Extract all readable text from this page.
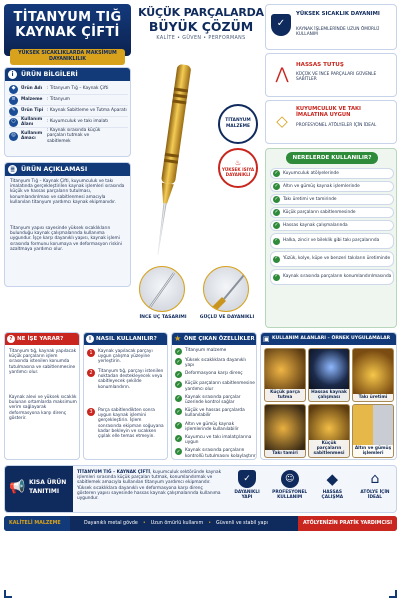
TİTANYUM TIĞ
KAYNAK ÇİFTİ
YÜKSEK SICAKLIKLARDA MAKSİMUM DAYANIKLILIK
KÜÇÜK PARÇALARDA
BÜYÜK ÇÖZÜM
KALİTE • GÜVEN • PERFORMANS
i	ÜRÜN BİLGİLERİ
◆	Ürün Adı	: Titanyum Tığ – Kaynak Çifti
≡	Malzeme	: Titanyum
✎	Ürün Tipi : Kaynak Sabitleme ve Tutma Aparatı
○	Kullanım Alanı
: Kuyumculuk ve takı imalatı
◎	Kullanım Amacı
: Kaynak sırasında küçük parçaları tutmak ve sabitlemek
≣ ÜRÜN AÇIKLAMASI
Titanyum Tığ – Kaynak Çifti, kuyumculuk ve takı imalatında gerçekleştirilen kaynak işlemleri sırasında küçük ve hassas parçaların tutulması, konumlandırılması ve sabitlenmesi amacıyla kullanılan titanyum yardımcı kaynak ekipmanıdır.
Titanyum yapısı sayesinde yüksek sıcaklıkların bulunduğu kaynak çalışmalarında kullanıma uygundur. İşçe karşı dayanıklı yapısı, kaynak işlemi sırasında formunu korumaya ve deformasyon riskini azaltmaya yardımcı olur.
TİTANYUM
MALZEME
♨
YÜKSEK ISIYA
DAYANIKLI
İNCE UÇ TASARIMI	GÜÇLÜ VE DAYANIKLI
✓
YÜKSEK SICAKLIK DAYANIMI
KAYNAK İŞLEMLERİNDE UZUN ÖMÜRLÜ KULLANIM
⋀	HASSAS TUTUŞ
KÜÇÜK VE İNCE PARÇALARI GÜVENLE SABİTLER
◇
KUYUMCULUK VE TAKI İMALATINA UYGUN
PROFESYONEL ATÖLYELER İÇİN İDEAL
NERELERDE KULLANILIR?
✓	Kuyumculuk atölyelerinde
✓	Altın ve gümüş kaynak işlemlerinde
✓	Takı üretimi ve tamirinde
✓	Küçük parçaların sabitlenmesinde
✓	Hassas kaynak çalışmalarında
✓	Halka, zincir ve bileklik gibi takı parçalarında
✓	Yüzük, kolye, küpe ve benzeri takıların üretiminde
✓	Kaynak sırasında parçaların konumlandırılmasında
? NE İŞE YARAR?
Titanyum tığ, kaynak yapılacak küçük parçaların işlem sırasında istenilen konumda tutulmasına ve sabitlenmesine yardımcı olur.
Kaynak alevi ve yüksek sıcaklık bulunan ortamlarda maksimum verim sağlayarak deformasyona karşı direnç gösterir.
i NASIL KULLANILIR?
1	Kaynak yapılacak parçayı uygun çalışma yüzeyine yerleştirin.
2	Titanyum tığ, parçayı istenilen noktadan destekleyecek veya sabitleyecek şekilde konumlandırın.
3	Parça sabitlendikten sonra uygun kaynak işlemini gerçekleştirin. İşlem sonrasında ekipman soğuyana kadar bekleyin ve sıcakken çıplak elle temas etmeyin.
★ ÖNE ÇIKAN ÖZELLİKLER
✓	Titanyum malzeme
✓	Yüksek sıcaklıklara dayanıklı yapı
✓	Deformasyona karşı direnç
✓	Küçük parçaların sabitlenmesine yardımcı olur
✓	Kaynak sırasında parçalar üzerinde kontrol sağlar
✓	Küçük ve hassas parçalarda kullanılabilir
✓	Altın ve gümüş kaynak işlemlerinde kullanılabilir
✓	Kuyumcu ve takı imalatçılarına uygun
✓	Kaynak sırasında parçaların kontrollü tutulmasını kolaylaştırır
▣ KULLANIM ALANLARI – ÖRNEK UYGULAMALAR
Küçük parça tutma
Hassas kaynak çalışması	Takı üretimi
Takı tamiri
Küçük parçaların sabitlenmesi
Altın ve gümüş işlemleri
📢 KISA ÜRÜN
TANITIMI
TİTANYUM TIĞ – KAYNAK ÇİFTİ, kuyumculuk sektöründe kaynak işlemleri sırasında küçük parçaları tutmak, konumlandırmak ve sabitlemek amacıyla kullanılan titanyum yardımcı ekipmandır. Yüksek sıcaklıklara dayanıklı ve deformasyona karşı direnç gösteren yapısı sayesinde hassas kaynak çalışmalarında kullanıma uygundur.
✓
DAYANIKLI
YAPI
☺
PROFESYONEL
KULLANIM
◆
HASSAS
ÇALIŞMA
⌂
ATÖLYE İÇİN
İDEAL
KALİTELİ MALZEME	Dayanıklı metal gövde • Uzun ömürlü kullanım • Güvenli ve stabil yapı	ATÖLYENİZİN PRATİK YARDIMCISI
